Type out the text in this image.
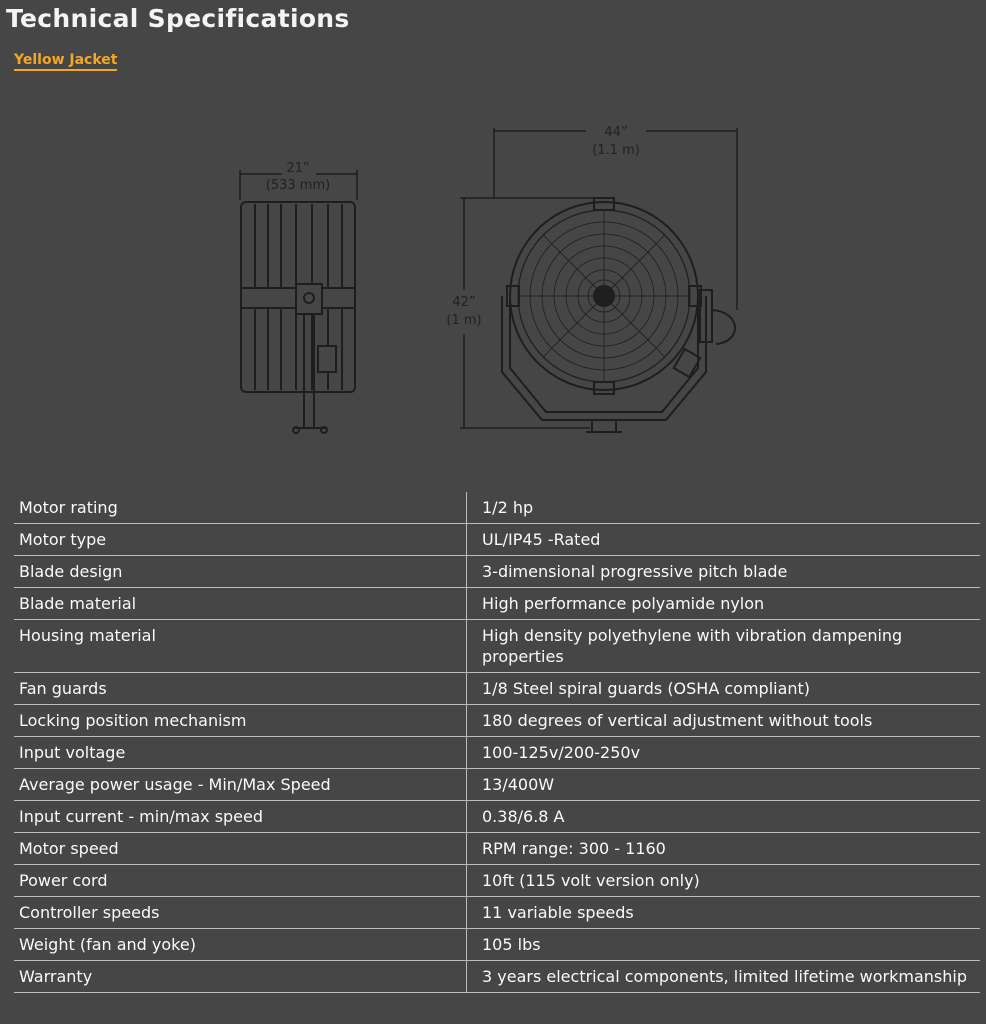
Technical Specifications
Yellow Jacket
21”
(533 mm)
44”
(1.1 m)
42”
(1 m)
Motor rating	1/2 hp
Motor type	UL/IP45 -Rated
Blade design	3-dimensional progressive pitch blade
Blade material	High performance polyamide nylon
Housing material	High density polyethylene with vibration dampening properties
Fan guards	1/8 Steel spiral guards (OSHA compliant)
Locking position mechanism	180 degrees of vertical adjustment without tools
Input voltage	100-125v/200-250v
Average power usage - Min/Max Speed	13/400W
Input current - min/max speed	0.38/6.8 A
Motor speed	RPM range: 300 - 1160
Power cord	10ft (115 volt version only)
Controller speeds	11 variable speeds
Weight (fan and yoke)	105 lbs
Warranty	3 years electrical components, limited lifetime workmanship
